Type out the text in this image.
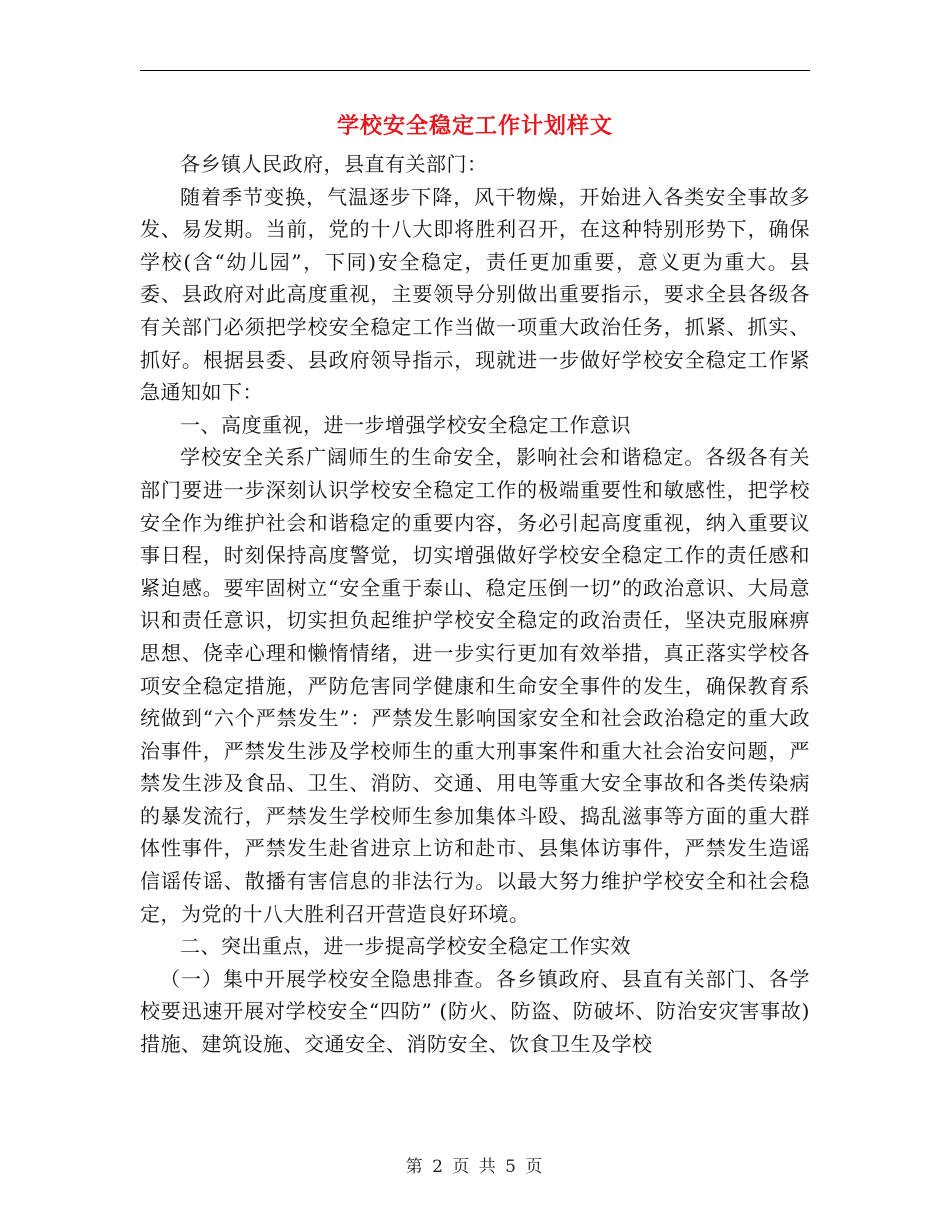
学校安全稳定工作计划样文

各乡镇人民政府，县直有关部门：

随着季节变换，气温逐步下降，风干物燥，开始进入各类安全事故多发、易发期。当前，党的十八大即将胜利召开，在这种特别形势下，确保学校(含“幼儿园”，下同)安全稳定，责任更加重要，意义更为重大。县委、县政府对此高度重视，主要领导分别做出重要指示，要求全县各级各有关部门必须把学校安全稳定工作当做一项重大政治任务，抓紧、抓实、抓好。根据县委、县政府领导指示，现就进一步做好学校安全稳定工作紧急通知如下：

一、高度重视，进一步增强学校安全稳定工作意识

学校安全关系广阔师生的生命安全，影响社会和谐稳定。各级各有关部门要进一步深刻认识学校安全稳定工作的极端重要性和敏感性，把学校安全作为维护社会和谐稳定的重要内容，务必引起高度重视，纳入重要议事日程，时刻保持高度警觉，切实增强做好学校安全稳定工作的责任感和紧迫感。要牢固树立“安全重于泰山、稳定压倒一切”的政治意识、大局意识和责任意识，切实担负起维护学校安全稳定的政治责任，坚决克服麻痹思想、侥幸心理和懒惰情绪，进一步实行更加有效举措，真正落实学校各项安全稳定措施，严防危害同学健康和生命安全事件的发生，确保教育系统做到“六个严禁发生”：严禁发生影响国家安全和社会政治稳定的重大政治事件，严禁发生涉及学校师生的重大刑事案件和重大社会治安问题，严禁发生涉及食品、卫生、消防、交通、用电等重大安全事故和各类传染病的暴发流行，严禁发生学校师生参加集体斗殴、捣乱滋事等方面的重大群体性事件，严禁发生赴省进京上访和赴市、县集体访事件，严禁发生造谣信谣传谣、散播有害信息的非法行为。以最大努力维护学校安全和社会稳定，为党的十八大胜利召开营造良好环境。

二、突出重点，进一步提高学校安全稳定工作实效

（一）集中开展学校安全隐患排查。各乡镇政府、县直有关部门、各学校要迅速开展对学校安全“四防” (防火、防盗、防破坏、防治安灾害事故)措施、建筑设施、交通安全、消防安全、饮食卫生及学校

第 2 页 共 5 页
